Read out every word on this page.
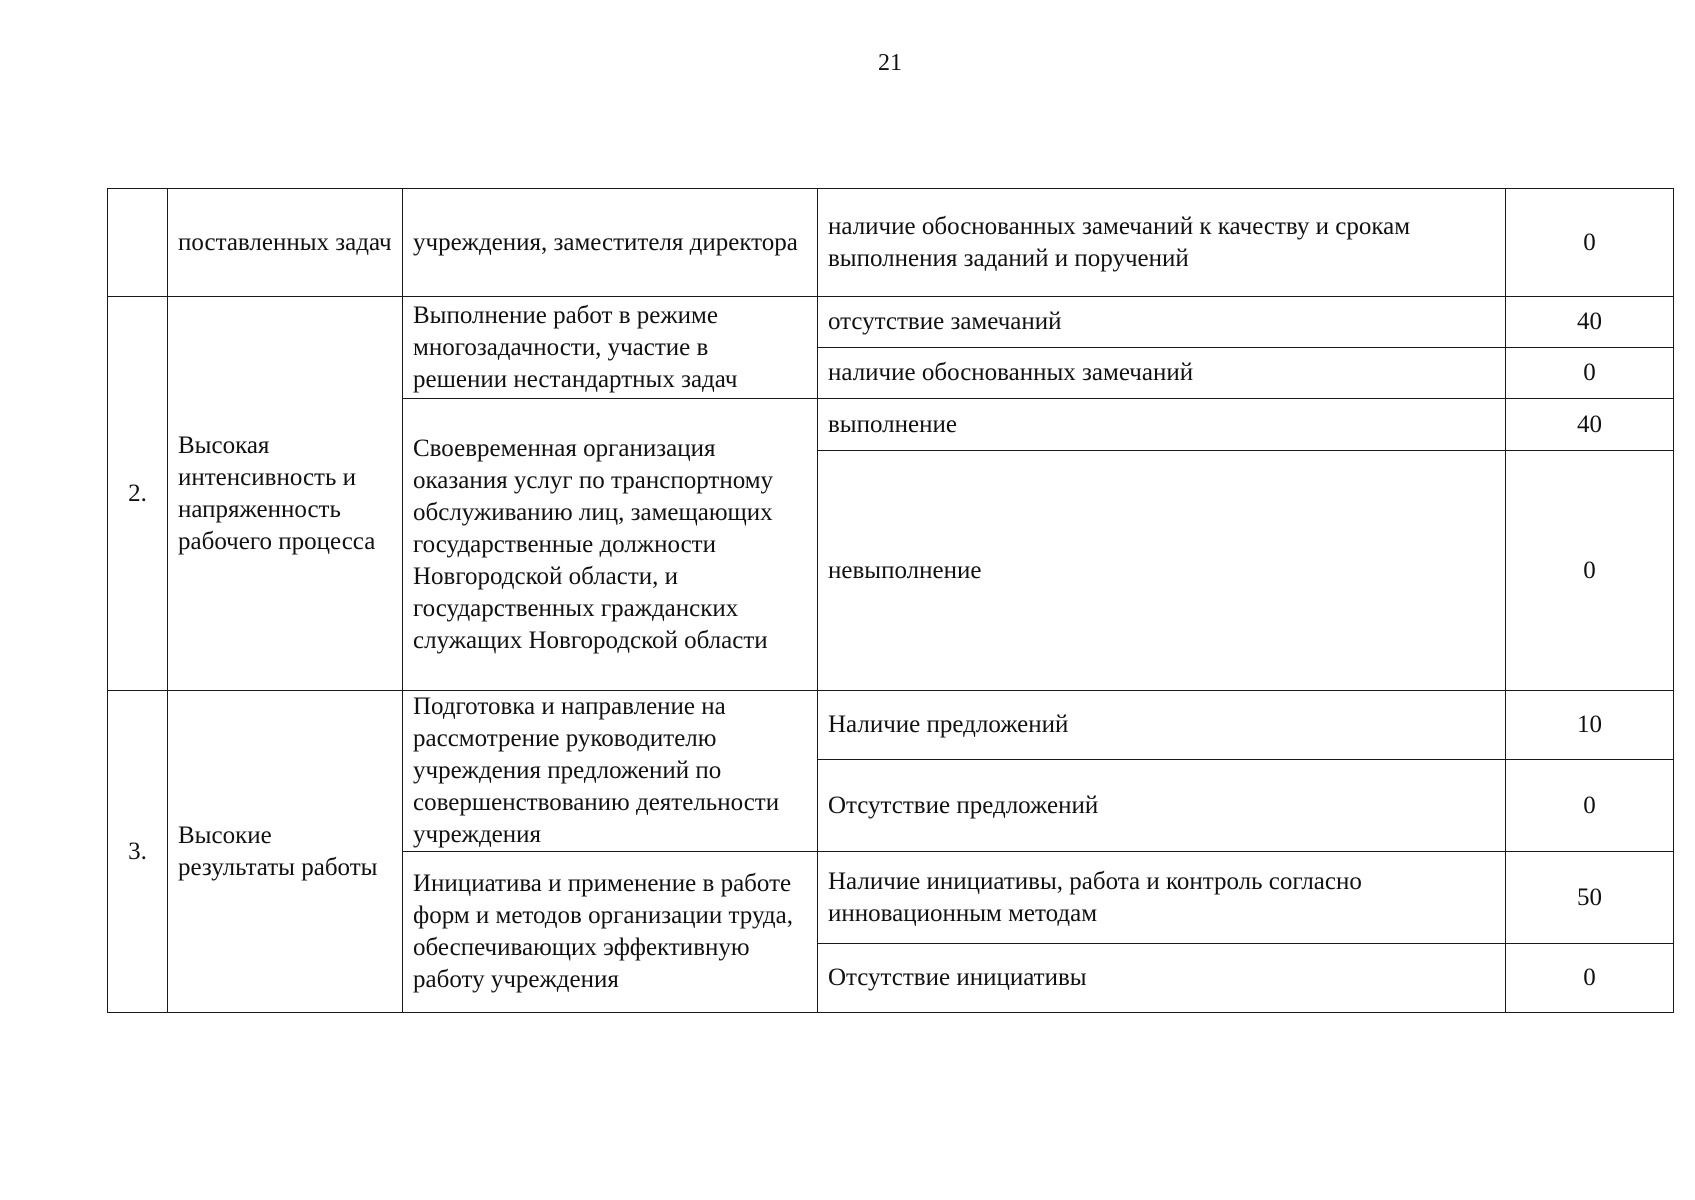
21
	поставленных задач	учреждения, заместителя директора	наличие обоснованных замечаний к качеству и срокам выполнения заданий и поручений	0
2.	Высокая интенсивность и напряженность рабочего процесса	Выполнение работ в режиме многозадачности, участие в решении нестандартных задач	отсутствие замечаний	40
			наличие обоснованных замечаний	0
		Своевременная организация оказания услуг по транспортному обслуживанию лиц, замещающих государственные должности Новгородской области, и государственных гражданских служащих Новгородской области	выполнение	40
			невыполнение	0
3.	Высокие результаты работы	Подготовка и направление на рассмотрение руководителю учреждения предложений по совершенствованию деятельности учреждения	Наличие предложений	10
			Отсутствие предложений	0
		Инициатива и применение в работе форм и методов организации труда, обеспечивающих эффективную работу учреждения	Наличие инициативы, работа и контроль согласно инновационным методам	50
			Отсутствие инициативы	0
